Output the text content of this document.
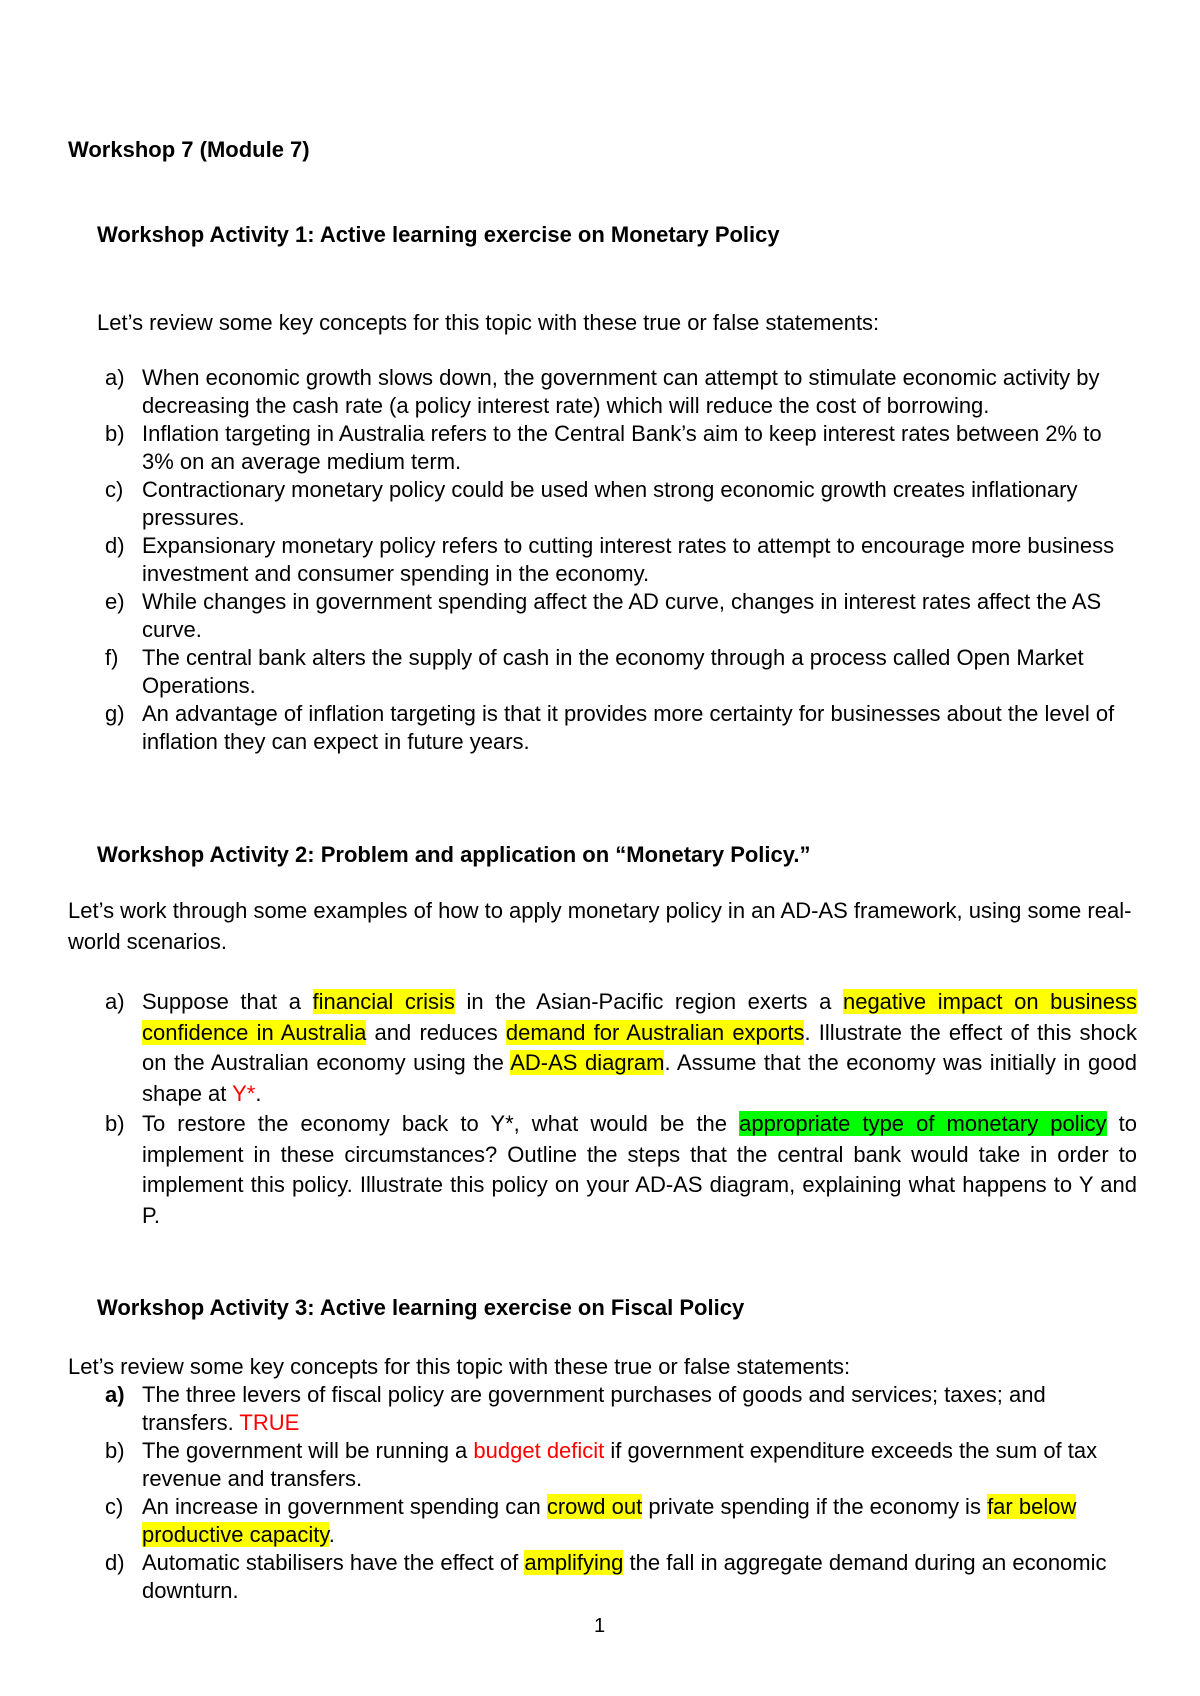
Workshop 7 (Module 7)
Workshop Activity 1: Active learning exercise on Monetary Policy
Let’s review some key concepts for this topic with these true or false statements:
a) When economic growth slows down, the government can attempt to stimulate economic activity by decreasing the cash rate (a policy interest rate) which will reduce the cost of borrowing.
b) Inflation targeting in Australia refers to the Central Bank’s aim to keep interest rates between 2% to 3% on an average medium term.
c) Contractionary monetary policy could be used when strong economic growth creates inflationary pressures.
d) Expansionary monetary policy refers to cutting interest rates to attempt to encourage more business investment and consumer spending in the economy.
e) While changes in government spending affect the AD curve, changes in interest rates affect the AS curve.
f) The central bank alters the supply of cash in the economy through a process called Open Market Operations.
g) An advantage of inflation targeting is that it provides more certainty for businesses about the level of inflation they can expect in future years.
Workshop Activity 2: Problem and application on “Monetary Policy.”
Let’s work through some examples of how to apply monetary policy in an AD-AS framework, using some real-world scenarios.
a) Suppose that a financial crisis in the Asian-Pacific region exerts a negative impact on business confidence in Australia and reduces demand for Australian exports. Illustrate the effect of this shock on the Australian economy using the AD-AS diagram. Assume that the economy was initially in good shape at Y*.
b) To restore the economy back to Y*, what would be the appropriate type of monetary policy to implement in these circumstances? Outline the steps that the central bank would take in order to implement this policy. Illustrate this policy on your AD-AS diagram, explaining what happens to Y and P.
Workshop Activity 3: Active learning exercise on Fiscal Policy
Let’s review some key concepts for this topic with these true or false statements:
a) The three levers of fiscal policy are government purchases of goods and services; taxes; and transfers. TRUE
b) The government will be running a budget deficit if government expenditure exceeds the sum of tax revenue and transfers.
c) An increase in government spending can crowd out private spending if the economy is far below productive capacity.
d) Automatic stabilisers have the effect of amplifying the fall in aggregate demand during an economic downturn.
1
